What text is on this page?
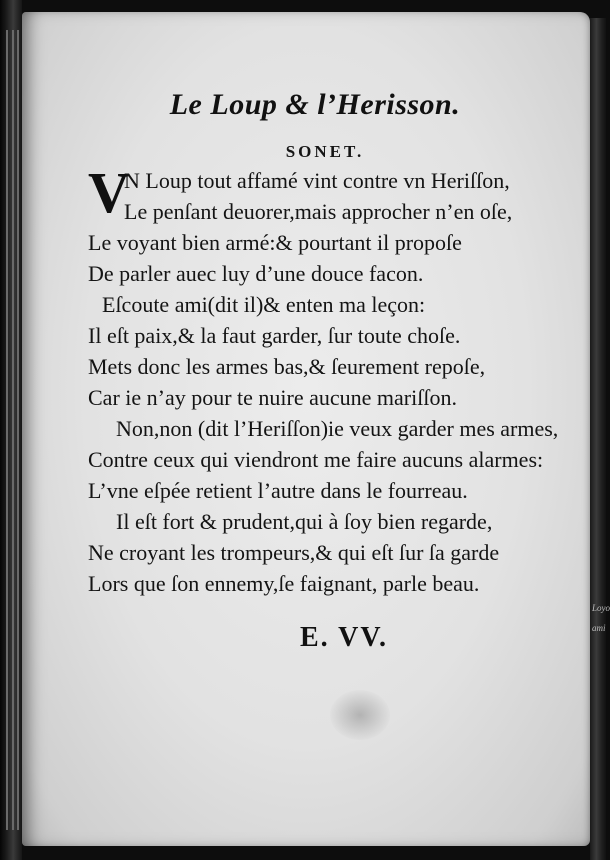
Loyo
ami
Le Loup & l’Herisson.
SONET.
V
N Loup tout affamé vint contre vn Heriſſon,
Le penſant deuorer,mais approcher n’en oſe,
Le voyant bien armé:& pourtant il propoſe
De parler auec luy d’une douce facon.
Eſcoute ami(dit il)& enten ma leçon:
Il eſt paix,& la faut garder, ſur toute choſe.
Mets donc les armes bas,& ſeurement repoſe,
Car ie n’ay pour te nuire aucune mariſſon.
Non,non (dit l’Heriſſon)ie veux garder mes armes,
Contre ceux qui viendront me faire aucuns alarmes:
L’vne eſpée retient l’autre dans le fourreau.
Il eſt fort & prudent,qui à ſoy bien regarde,
Ne croyant les trompeurs,& qui eſt ſur ſa garde
Lors que ſon ennemy,ſe faignant, parle beau.
E. VV.
